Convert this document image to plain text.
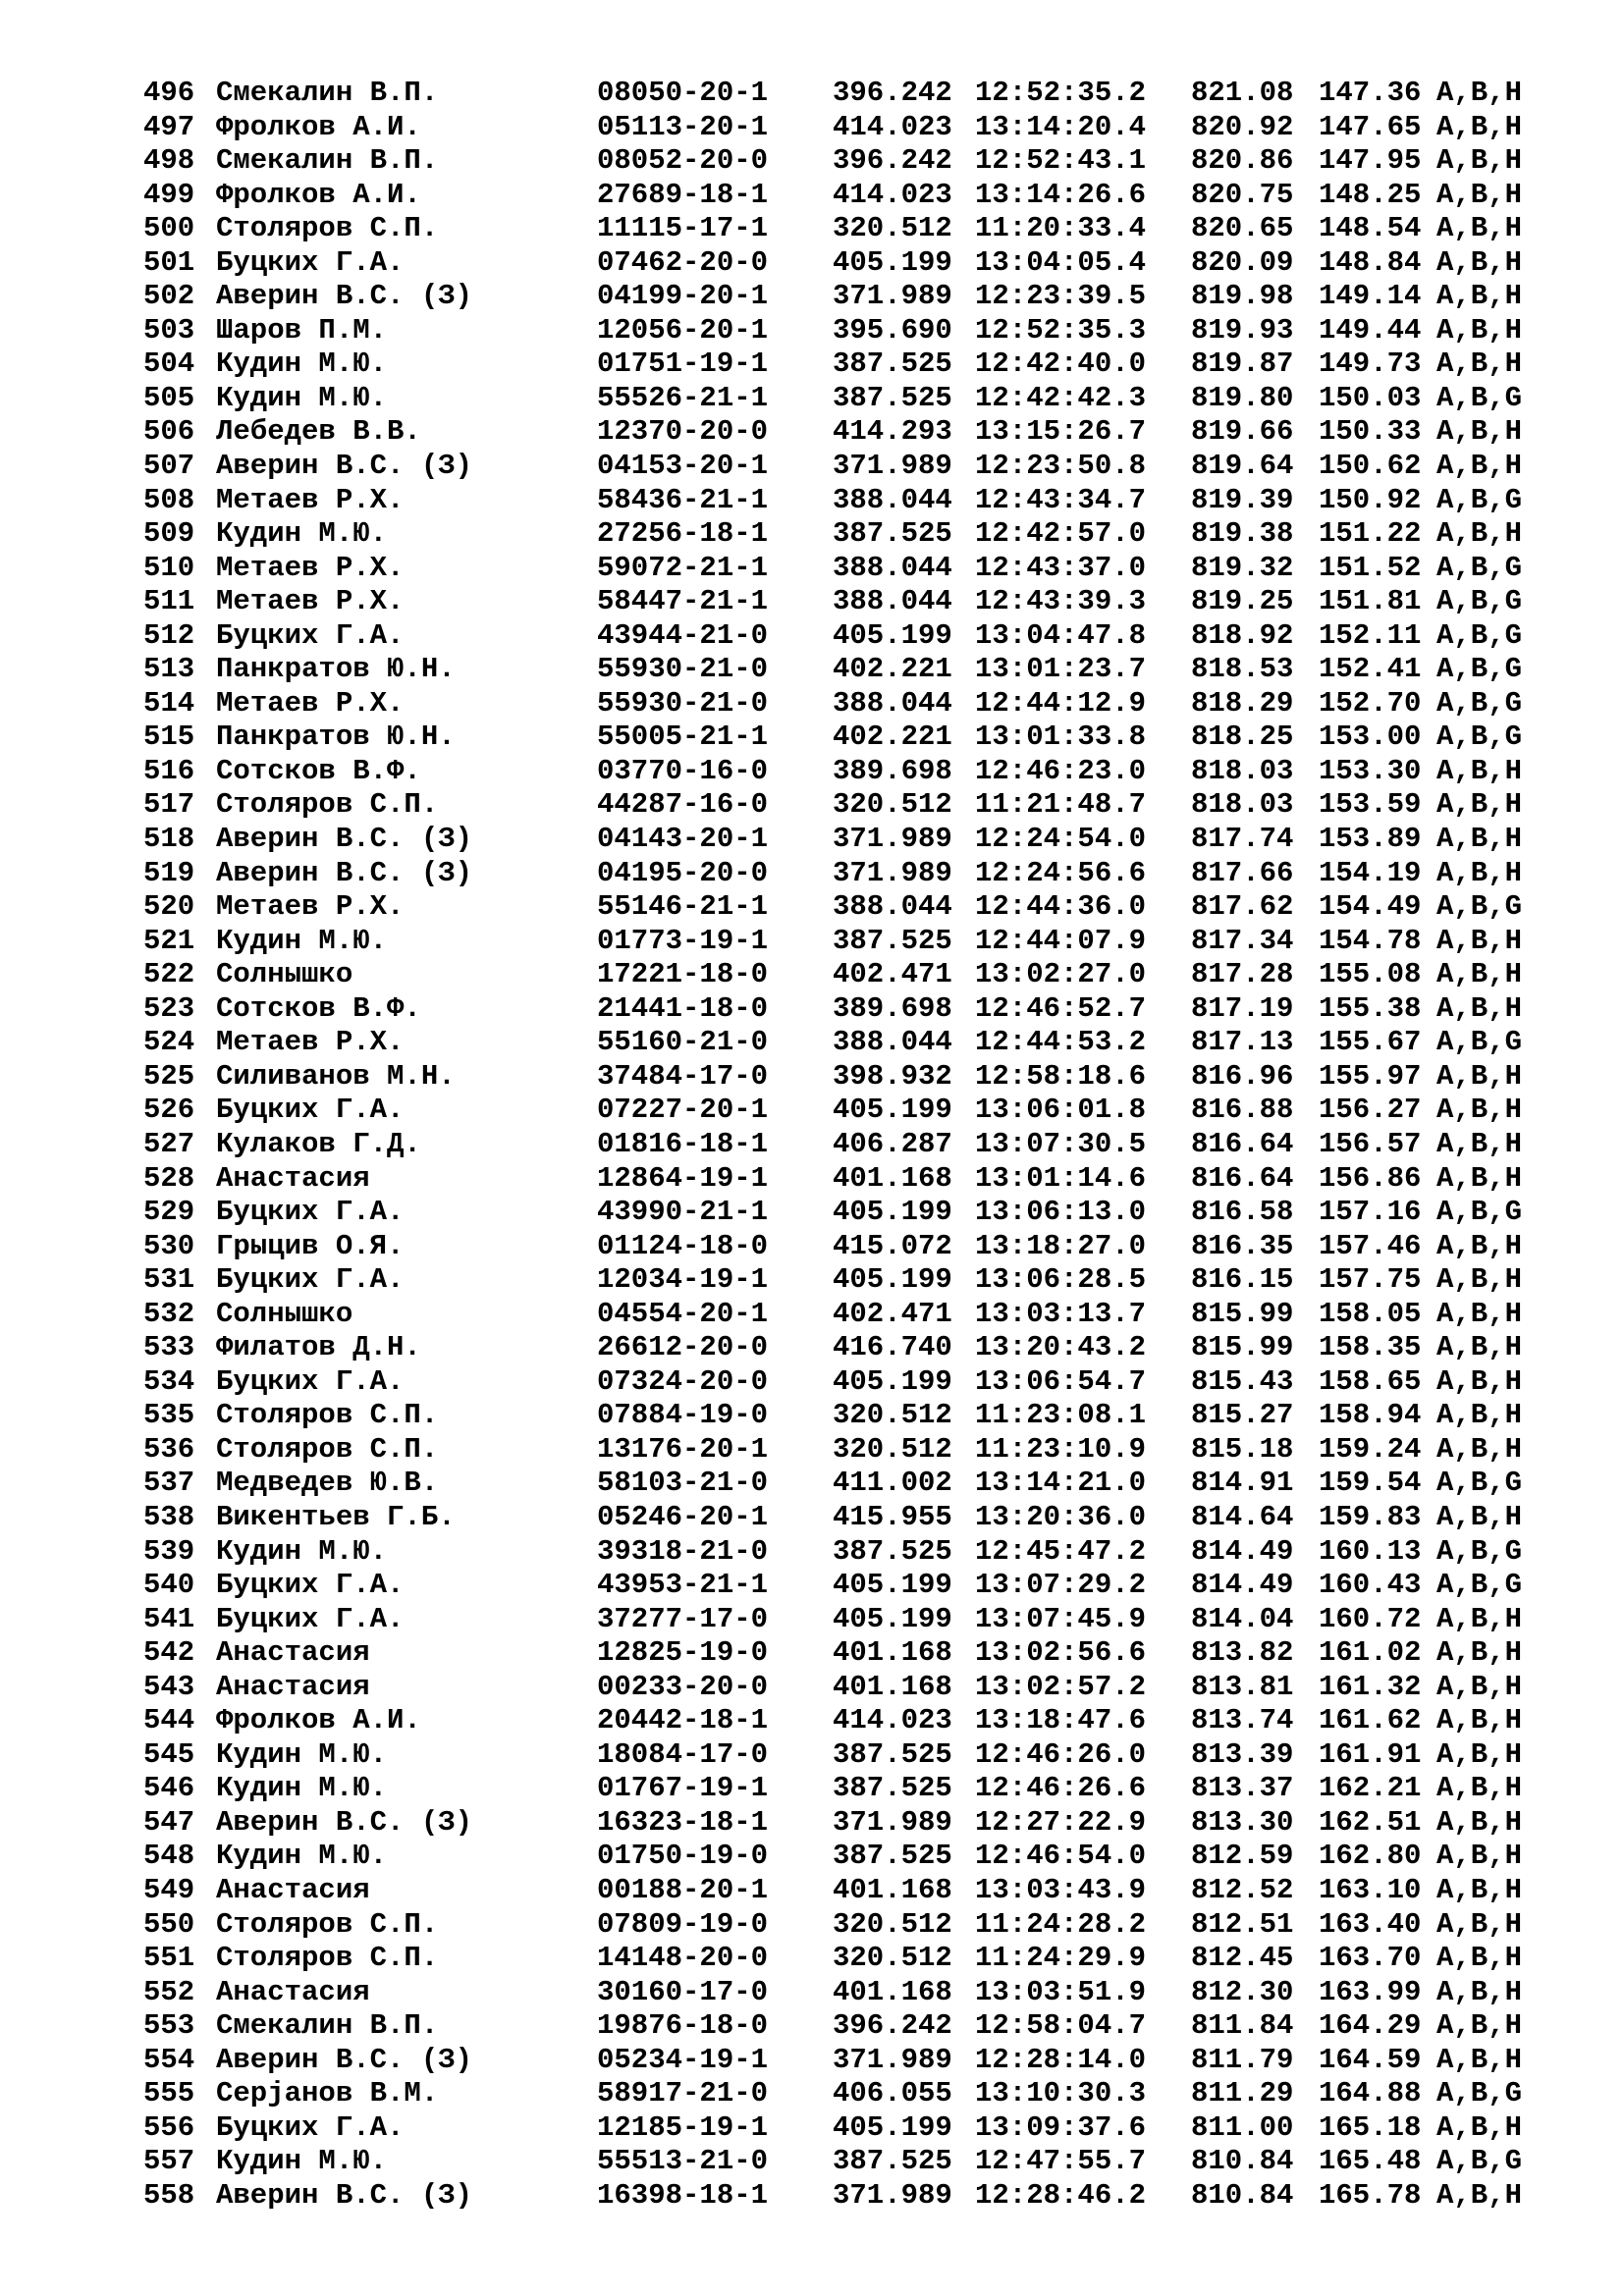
496 Смекалин В.П.	08050-20-1 396.242 12:52:35.2 821.08 147.36 A,B,H
497 Фролков А.И.	05113-20-1 414.023 13:14:20.4 820.92 147.65 A,B,H
498 Смекалин В.П.	08052-20-0 396.242 12:52:43.1 820.86 147.95 A,B,H
499 Фролков А.И.	27689-18-1 414.023 13:14:26.6 820.75 148.25 A,B,H
500 Столяров С.П.	11115-17-1 320.512 11:20:33.4 820.65 148.54 A,B,H
501 Буцких Г.А.	07462-20-0 405.199 13:04:05.4 820.09 148.84 A,B,H
502 Аверин В.С. (З)	04199-20-1 371.989 12:23:39.5 819.98 149.14 A,B,H
503 Шаров П.М.	12056-20-1 395.690 12:52:35.3 819.93 149.44 A,B,H
504 Кудин М.Ю.	01751-19-1 387.525 12:42:40.0 819.87 149.73 A,B,H
505 Кудин М.Ю.	55526-21-1 387.525 12:42:42.3 819.80 150.03 A,B,G
506 Лебедев В.В.	12370-20-0 414.293 13:15:26.7 819.66 150.33 A,B,H
507 Аверин В.С. (З)	04153-20-1 371.989 12:23:50.8 819.64 150.62 A,B,H
508 Метаев Р.Х.	58436-21-1 388.044 12:43:34.7 819.39 150.92 A,B,G
509 Кудин М.Ю.	27256-18-1 387.525 12:42:57.0 819.38 151.22 A,B,H
510 Метаев Р.Х.	59072-21-1 388.044 12:43:37.0 819.32 151.52 A,B,G
511 Метаев Р.Х.	58447-21-1 388.044 12:43:39.3 819.25 151.81 A,B,G
512 Буцких Г.А.	43944-21-0 405.199 13:04:47.8 818.92 152.11 A,B,G
513 Панкратов Ю.Н.	55930-21-0 402.221 13:01:23.7 818.53 152.41 A,B,G
514 Метаев Р.Х.	55930-21-0 388.044 12:44:12.9 818.29 152.70 A,B,G
515 Панкратов Ю.Н.	55005-21-1 402.221 13:01:33.8 818.25 153.00 A,B,G
516 Сотсков В.Ф.	03770-16-0 389.698 12:46:23.0 818.03 153.30 A,B,H
517 Столяров С.П.	44287-16-0 320.512 11:21:48.7 818.03 153.59 A,B,H
518 Аверин В.С. (З)	04143-20-1 371.989 12:24:54.0 817.74 153.89 A,B,H
519 Аверин В.С. (З)	04195-20-0 371.989 12:24:56.6 817.66 154.19 A,B,H
520 Метаев Р.Х.	55146-21-1 388.044 12:44:36.0 817.62 154.49 A,B,G
521 Кудин М.Ю.	01773-19-1 387.525 12:44:07.9 817.34 154.78 A,B,H
522 Солнышко	17221-18-0 402.471 13:02:27.0 817.28 155.08 A,B,H
523 Сотсков В.Ф.	21441-18-0 389.698 12:46:52.7 817.19 155.38 A,B,H
524 Метаев Р.Х.	55160-21-0 388.044 12:44:53.2 817.13 155.67 A,B,G
525 Силиванов М.Н.	37484-17-0 398.932 12:58:18.6 816.96 155.97 A,B,H
526 Буцких Г.А.	07227-20-1 405.199 13:06:01.8 816.88 156.27 A,B,H
527 Кулаков Г.Д.	01816-18-1 406.287 13:07:30.5 816.64 156.57 A,B,H
528 Анастасия	12864-19-1 401.168 13:01:14.6 816.64 156.86 A,B,H
529 Буцких Г.А.	43990-21-1 405.199 13:06:13.0 816.58 157.16 A,B,G
530 Грыцив О.Я.	01124-18-0 415.072 13:18:27.0 816.35 157.46 A,B,H
531 Буцких Г.А.	12034-19-1 405.199 13:06:28.5 816.15 157.75 A,B,H
532 Солнышко	04554-20-1 402.471 13:03:13.7 815.99 158.05 A,B,H
533 Филатов Д.Н.	26612-20-0 416.740 13:20:43.2 815.99 158.35 A,B,H
534 Буцких Г.А.	07324-20-0 405.199 13:06:54.7 815.43 158.65 A,B,H
535 Столяров С.П.	07884-19-0 320.512 11:23:08.1 815.27 158.94 A,B,H
536 Столяров С.П.	13176-20-1 320.512 11:23:10.9 815.18 159.24 A,B,H
537 Медведев Ю.В.	58103-21-0 411.002 13:14:21.0 814.91 159.54 A,B,G
538 Викентьев Г.Б.	05246-20-1 415.955 13:20:36.0 814.64 159.83 A,B,H
539 Кудин М.Ю.	39318-21-0 387.525 12:45:47.2 814.49 160.13 A,B,G
540 Буцких Г.А.	43953-21-1 405.199 13:07:29.2 814.49 160.43 A,B,G
541 Буцких Г.А.	37277-17-0 405.199 13:07:45.9 814.04 160.72 A,B,H
542 Анастасия	12825-19-0 401.168 13:02:56.6 813.82 161.02 A,B,H
543 Анастасия	00233-20-0 401.168 13:02:57.2 813.81 161.32 A,B,H
544 Фролков А.И.	20442-18-1 414.023 13:18:47.6 813.74 161.62 A,B,H
545 Кудин М.Ю.	18084-17-0 387.525 12:46:26.0 813.39 161.91 A,B,H
546 Кудин М.Ю.	01767-19-1 387.525 12:46:26.6 813.37 162.21 A,B,H
547 Аверин В.С. (З)	16323-18-1 371.989 12:27:22.9 813.30 162.51 A,B,H
548 Кудин М.Ю.	01750-19-0 387.525 12:46:54.0 812.59 162.80 A,B,H
549 Анастасия	00188-20-1 401.168 13:03:43.9 812.52 163.10 A,B,H
550 Столяров С.П.	07809-19-0 320.512 11:24:28.2 812.51 163.40 A,B,H
551 Столяров С.П.	14148-20-0 320.512 11:24:29.9 812.45 163.70 A,B,H
552 Анастасия	30160-17-0 401.168 13:03:51.9 812.30 163.99 A,B,H
553 Смекалин В.П.	19876-18-0 396.242 12:58:04.7 811.84 164.29 A,B,H
554 Аверин В.С. (З)	05234-19-1 371.989 12:28:14.0 811.79 164.59 A,B,H
555 Серjанов В.М.	58917-21-0 406.055 13:10:30.3 811.29 164.88 A,B,G
556 Буцких Г.А.	12185-19-1 405.199 13:09:37.6 811.00 165.18 A,B,H
557 Кудин М.Ю.	55513-21-0 387.525 12:47:55.7 810.84 165.48 A,B,G
558 Аверин В.С. (З)	16398-18-1 371.989 12:28:46.2 810.84 165.78 A,B,H
